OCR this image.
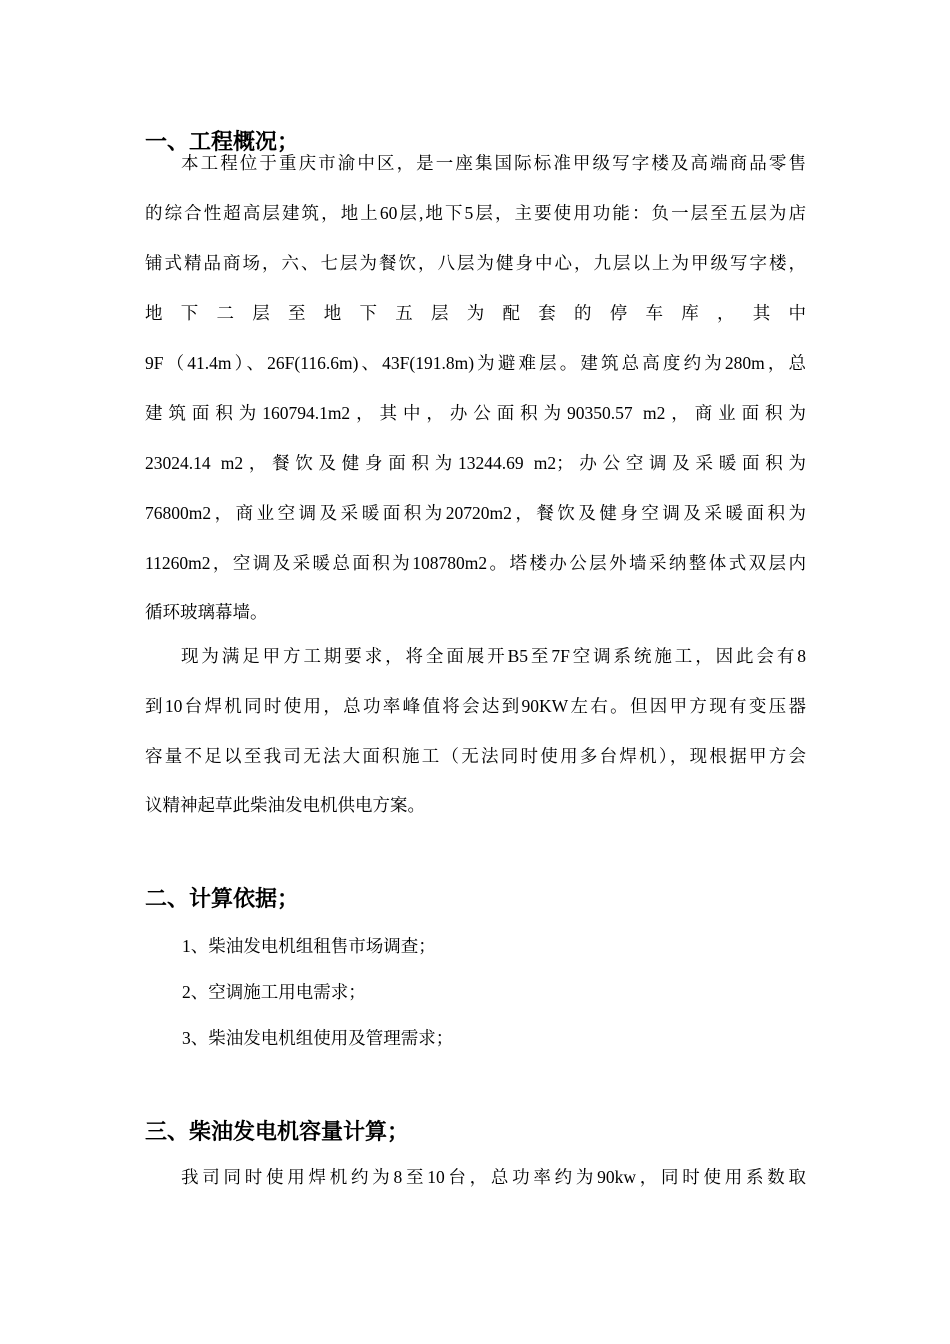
一、工程概况；
本工程位于重庆市渝中区，是一座集国际标准甲级写字楼及高端商品零售
的综合性超高层建筑，地上60层,地下5层，主要使用功能：负一层至五层为店
铺式精品商场，六、七层为餐饮，八层为健身中心，九层以上为甲级写字楼，
地 下 二 层 至 地 下 五 层 为 配 套 的 停 车 库 ， 其 中
9F（41.4m）、26F(116.6m)、43F(191.8m)为避难层。建筑总高度约为280m，总
建筑面积为160794.1m2，其中，办公面积为90350.57 m2，商业面积为
23024.14 m2，餐饮及健身面积为13244.69 m2；办公空调及采暖面积为
76800m2，商业空调及采暖面积为20720m2，餐饮及健身空调及采暖面积为
11260m2，空调及采暖总面积为108780m2。塔楼办公层外墙采纳整体式双层内
循环玻璃幕墙。
现为满足甲方工期要求，将全面展开B5至7F空调系统施工，因此会有8
到10台焊机同时使用，总功率峰值将会达到90KW左右。但因甲方现有变压器
容量不足以至我司无法大面积施工（无法同时使用多台焊机），现根据甲方会
议精神起草此柴油发电机供电方案。
二、计算依据；
1、柴油发电机组租售市场调查；
2、空调施工用电需求；
3、柴油发电机组使用及管理需求；
三、柴油发电机容量计算；
我司同时使用焊机约为8至10台，总功率约为90kw，同时使用系数取
